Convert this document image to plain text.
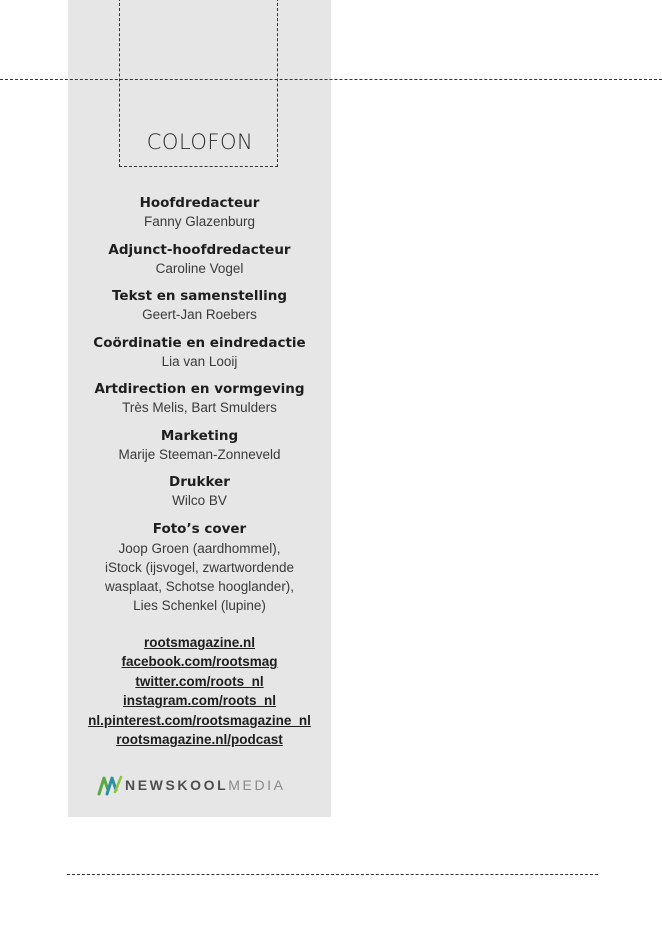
COLOFON
Hoofdredacteur
Fanny Glazenburg
Adjunct-hoofdredacteur
Caroline Vogel
Tekst en samenstelling
Geert-Jan Roebers
Coördinatie en eindredactie
Lia van Looij
Artdirection en vormgeving
Très Melis, Bart Smulders
Marketing
Marije Steeman-Zonneveld
Drukker
Wilco BV
Foto’s cover
Joop Groen (aardhommel),
iStock (ijsvogel, zwartwordende
wasplaat, Schotse hooglander),
Lies Schenkel (lupine)
rootsmagazine.nl
facebook.com/rootsmag
twitter.com/roots_nl
instagram.com/roots_nl
nl.pinterest.com/rootsmagazine_nl
rootsmagazine.nl/podcast
NEWSKOOLMEDIA
